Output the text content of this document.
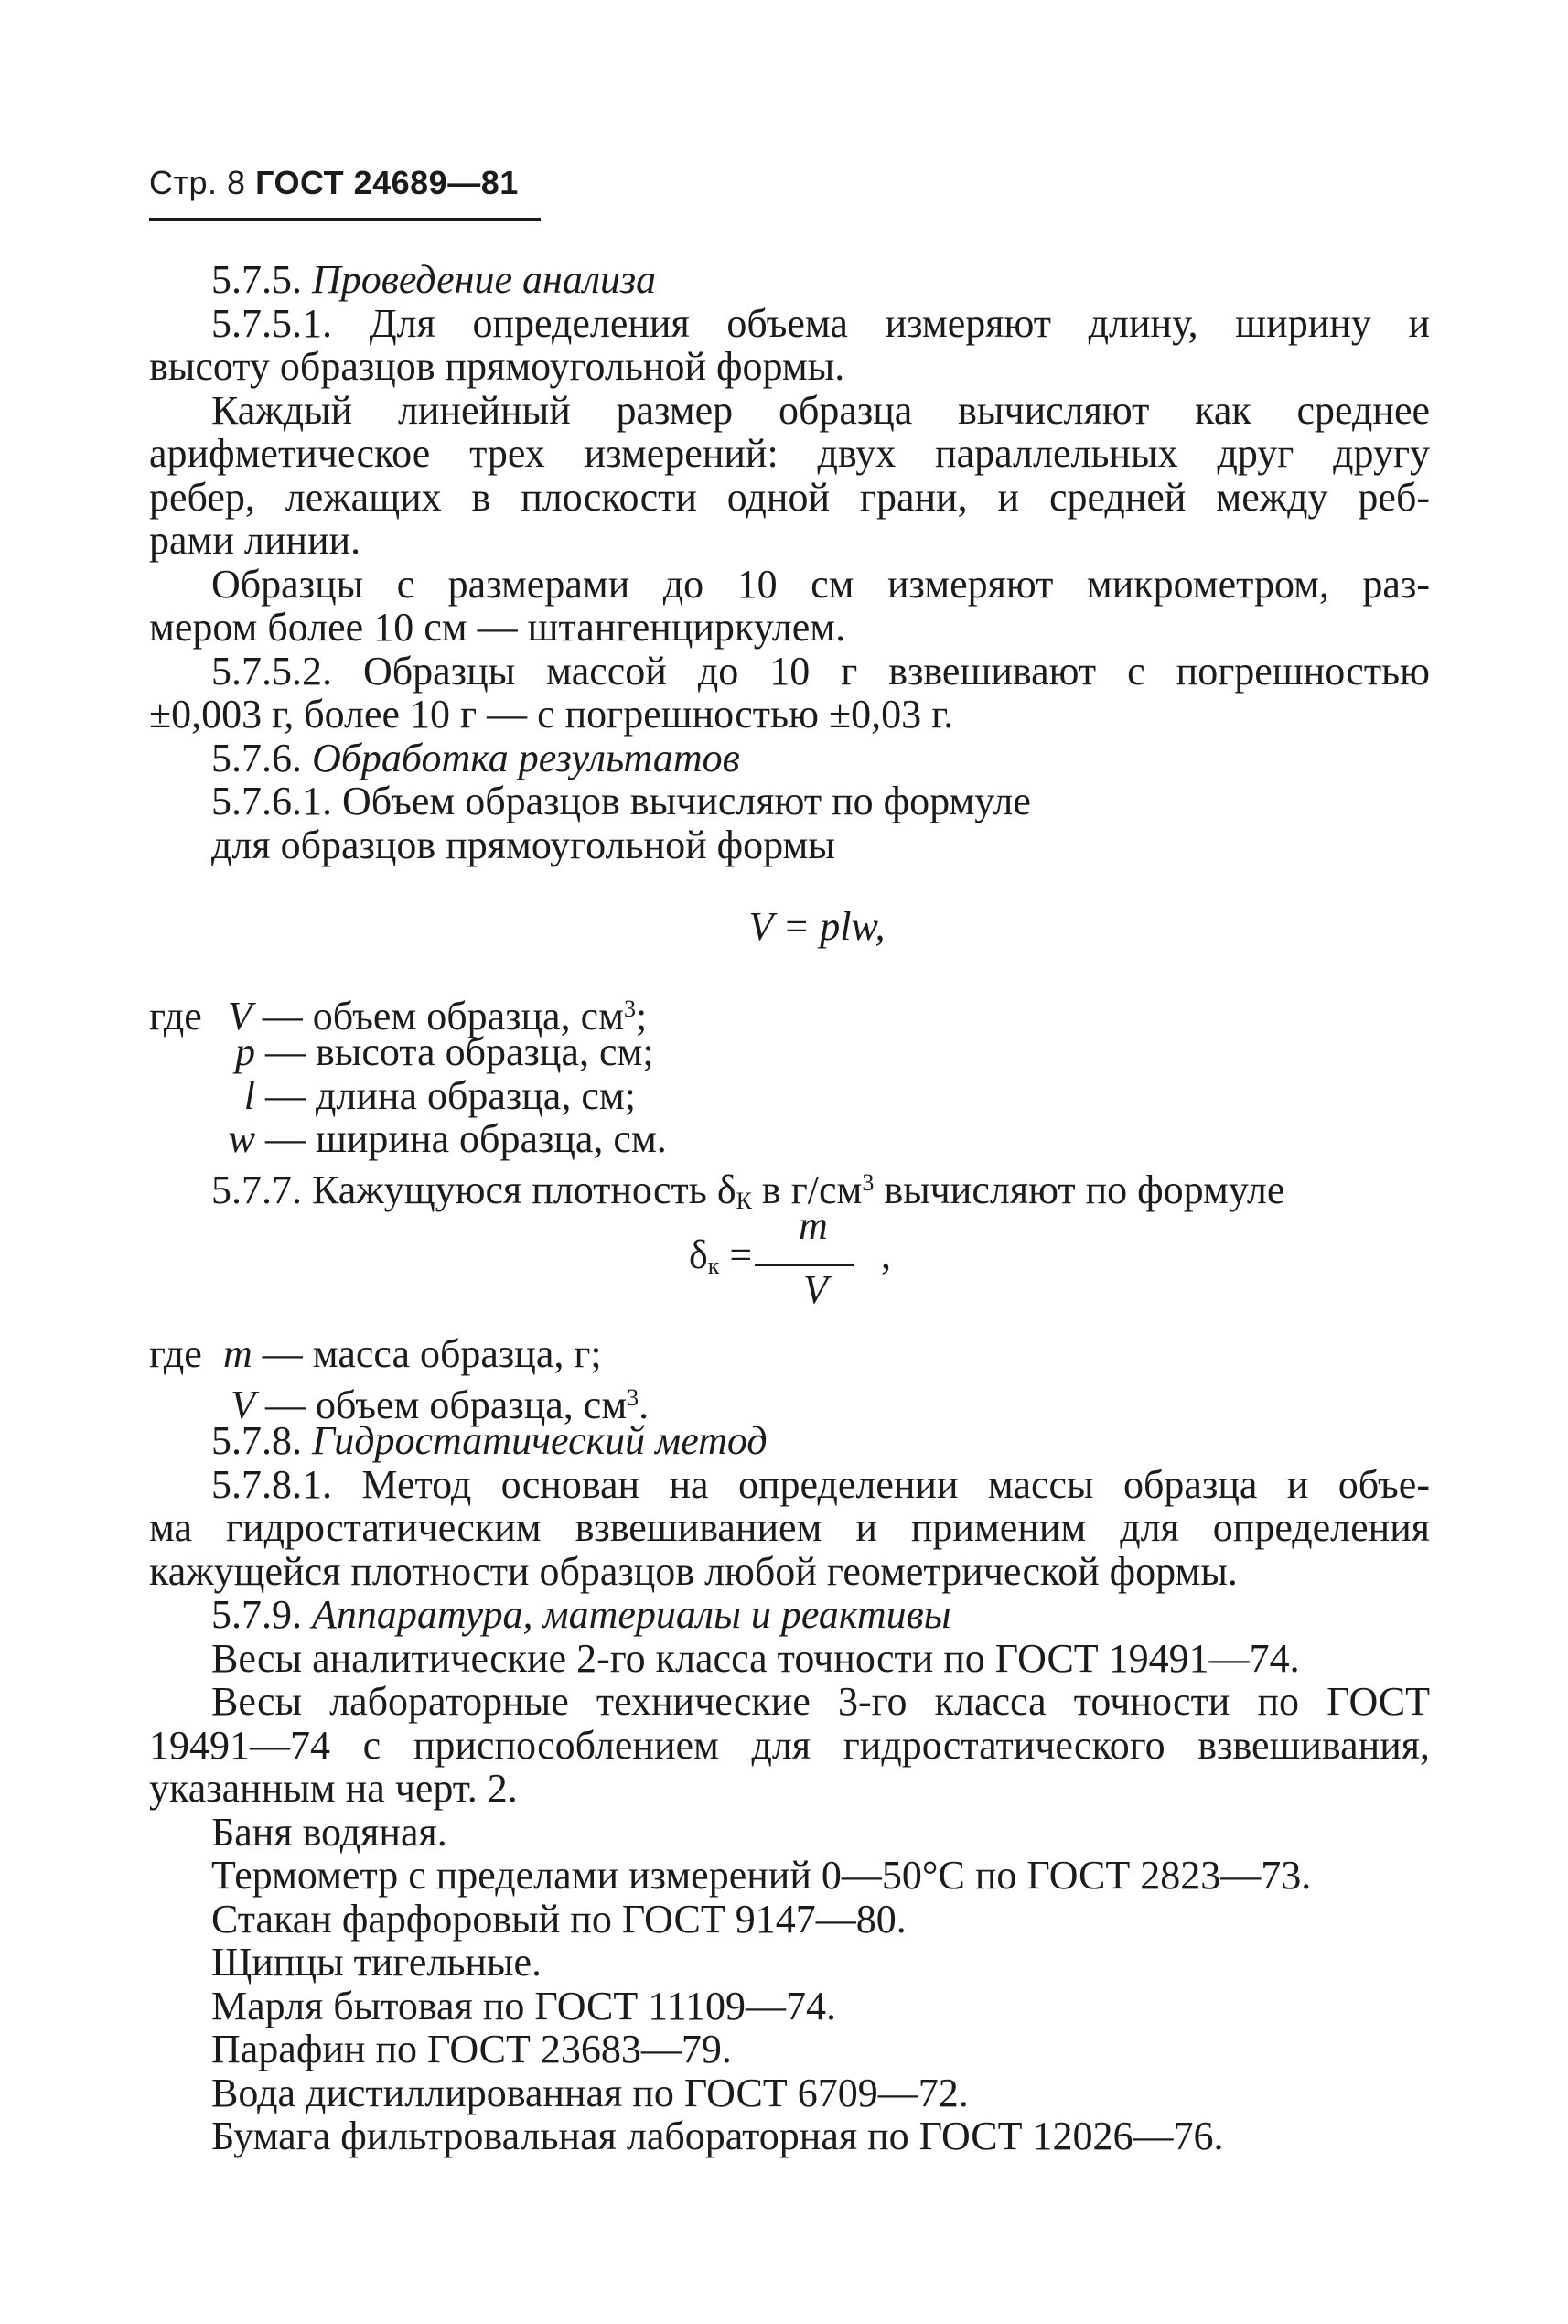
Стр. 8 ГОСТ 24689—81
5.7.5. Проведение анализа
5.7.5.1. Для определения объема измеряют длину, ширину и
высоту образцов прямоугольной формы.
Каждый линейный размер образца вычисляют как среднее
арифметическое трех измерений: двух параллельных друг другу
ребер, лежащих в плоскости одной грани, и средней между реб-
рами линии.
Образцы с размерами до 10 см измеряют микрометром, раз-
мером более 10 см — штангенциркулем.
5.7.5.2. Образцы массой до 10 г взвешивают с погрешностью
±0,003 г, более 10 г — с погрешностью ±0,03 г.
5.7.6. Обработка результатов
5.7.6.1. Объем образцов вычисляют по формуле
для образцов прямоугольной формы
V = plw,
где V — объем образца, $см^3$;
p — высота образца, см;
l — длина образца, см;
w — ширина образца, см.
5.7.7. Кажущуюся плотность $\delta_К$ в $г/см^3$ вычисляют по формуле
$\delta_к$ =
m
V
,
где m — масса образца, г;
V — объем образца, $см^3$.
5.7.8. Гидростатический метод
5.7.8.1. Метод основан на определении массы образца и объе-
ма гидростатическим взвешиванием и применим для определения
кажущейся плотности образцов любой геометрической формы.
5.7.9. Аппаратура, материалы и реактивы
Весы аналитические 2-го класса точности по ГОСТ 19491—74.
Весы лабораторные технические 3-го класса точности по ГОСТ
19491—74 с приспособлением для гидростатического взвешивания,
указанным на черт. 2.
Баня водяная.
Термометр с пределами измерений 0—50°С по ГОСТ 2823—73.
Стакан фарфоровый по ГОСТ 9147—80.
Щипцы тигельные.
Марля бытовая по ГОСТ 11109—74.
Парафин по ГОСТ 23683—79.
Вода дистиллированная по ГОСТ 6709—72.
Бумага фильтровальная лабораторная по ГОСТ 12026—76.
